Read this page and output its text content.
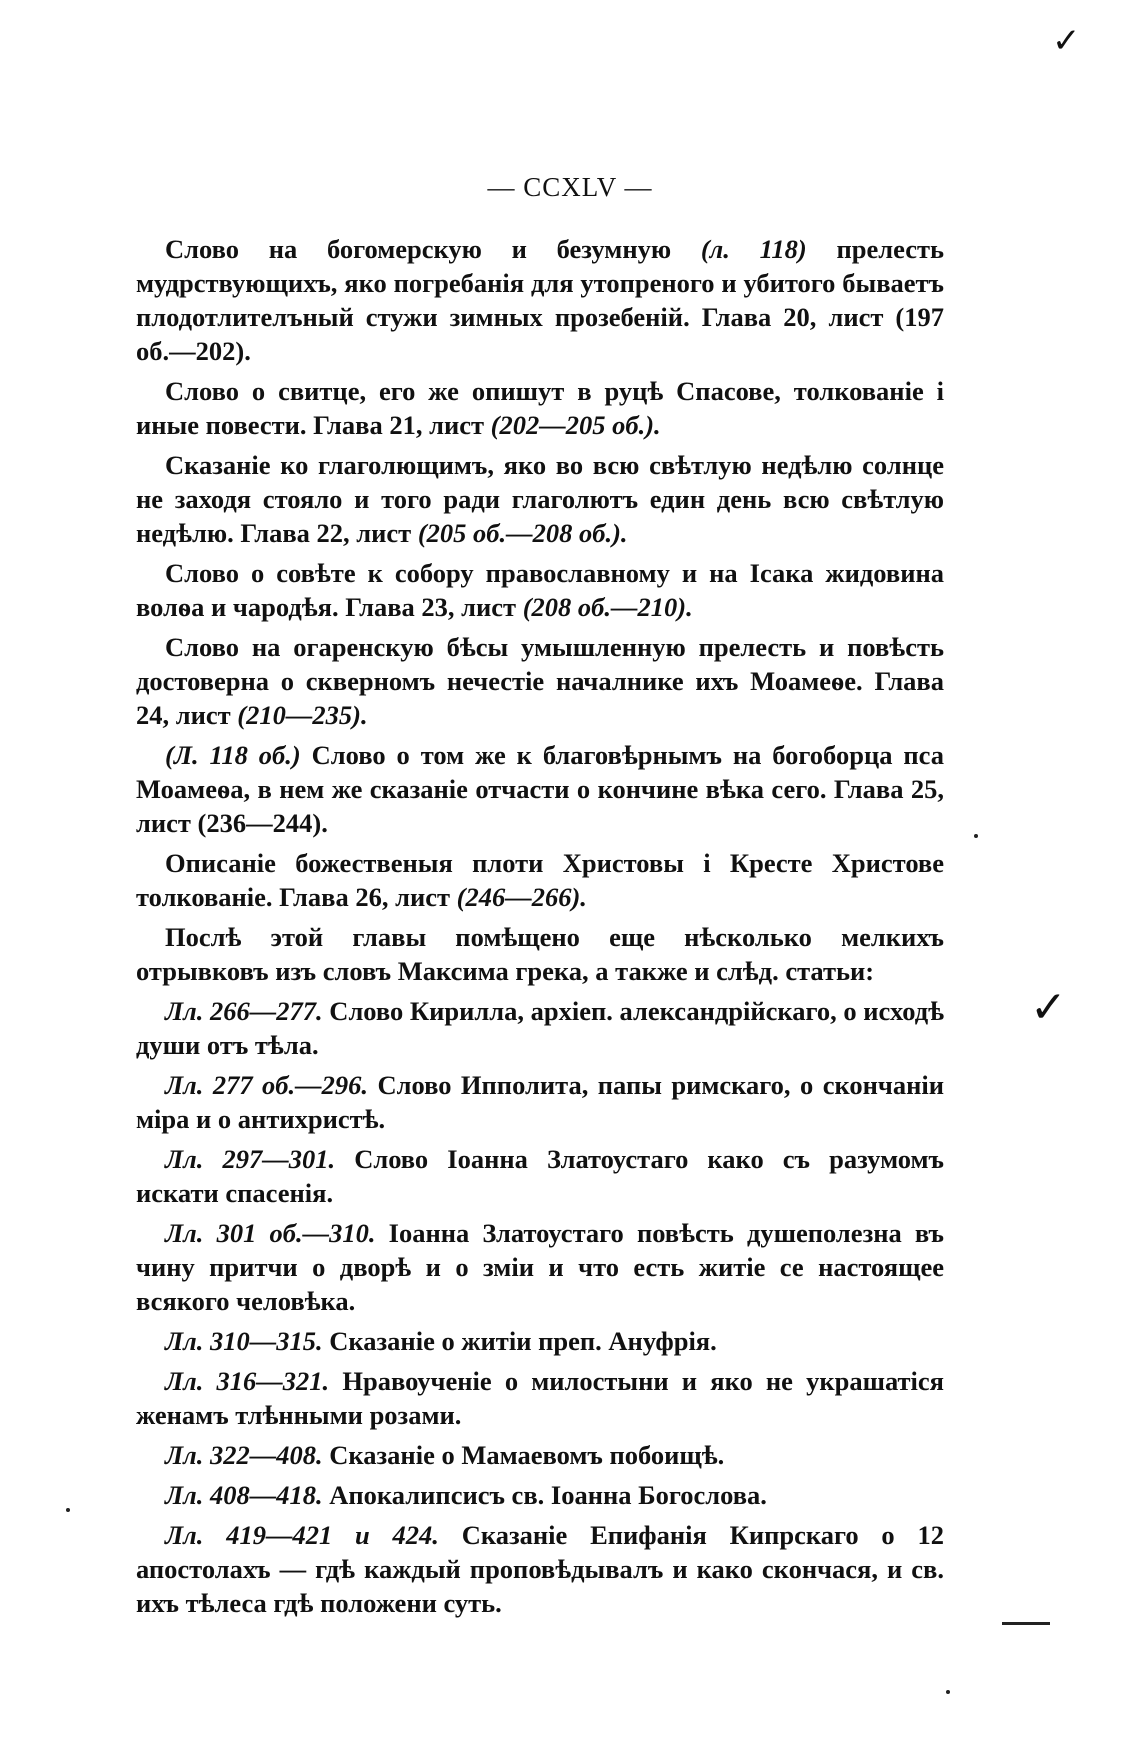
✓
✓
— CCXLV —

Слово на богомерскую и безумную (л. 118) прелесть мудрствующихъ, яко погребанія для утопреного и убитого бываетъ плодотлителъный стужи зимных прозебеній. Глава 20, лист (197 об.—202).

Слово о свитце, его же опишут в руцѣ Спасове, толкованіе і иные повести. Глава 21, лист (202—205 об.).

Сказаніе ко глаголющимъ, яко во всю свѣтлую недѣлю солнце не заходя стояло и того ради глаголютъ един день всю свѣтлую недѣлю. Глава 22, лист (205 об.—208 об.).

Слово о совѣте к собору православному и на Ісака жидовина волѳа и чародѣя. Глава 23, лист (208 об.—210).

Слово на огаренскую бѣсы умышленную прелесть и повѣсть достоверна о скверномъ нечестіе началнике ихъ Моамеѳе. Глава 24, лист (210—235).

(Л. 118 об.) Слово о том же к благовѣрнымъ на богоборца пса Моамеѳа, в нем же сказаніе отчасти о кончине вѣка сего. Глава 25, лист (236—244).

Описаніе божественыя плоти Христовы і Кресте Христове толкованіе. Глава 26, лист (246—266).

Послѣ этой главы помѣщено еще нѣсколько мелкихъ отрывковъ изъ словъ Максима грека, а также и слѣд. статьи:

Лл. 266—277. Слово Кирилла, архіеп. александрійскаго, о исходѣ души отъ тѣла.

Лл. 277 об.—296. Слово Ипполита, папы римскаго, о скончаніи міра и о антихристѣ.

Лл. 297—301. Слово Іоанна Златоустаго како съ разумомъ искати спасенія.

Лл. 301 об.—310. Іоанна Златоустаго повѣсть душеполезна въ чину притчи о дворѣ и о зміи и что есть житіе се настоящее всякого человѣка.

Лл. 310—315. Сказаніе о житіи преп. Ануфрія.

Лл. 316—321. Нравоученіе о милостыни и яко не украшатіся женамъ тлѣнными розами.

Лл. 322—408. Сказаніе о Мамаевомъ побоищѣ.

Лл. 408—418. Апокалипсисъ св. Іоанна Богослова.

Лл. 419—421 и 424. Сказаніе Епифанія Кипрскаго о 12 апостолахъ — гдѣ каждый проповѣдывалъ и како скончася, и св. ихъ тѣлеса гдѣ положени суть.
